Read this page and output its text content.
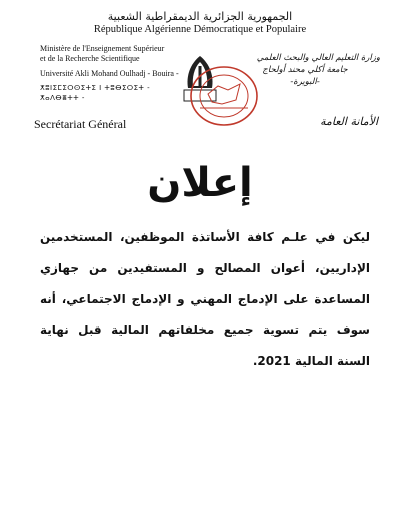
الجمهورية الجزائرية الديمقراطية الشعبية
République Algérienne Démocratique et Populaire
Ministère de l'Enseignement Supérieur
et de la Recherche Scientifique
Université Akli Mohand Oulhadj - Bouira -
ⵅⵓⵏⵉⵎⵉⵔⵙⵉⵜⵉ ⵏ ⵜⵓⴱⵉⵔⵉⵜ - ⵅⴰⴷⴱⴻⵜⵜ -
Secrétariat Général
وزارة التعليم العالي والبحث العلمي
جامعة أكلي محند أولحاج
-البويرة-
الأمانة العامة
إعلان
ليكن في علـم كافة الأساتذة الموظفين، المستخدمين الإداريين، أعوان المصالح و المستفيدين من جهازي المساعدة على الإدماج المهني و الإدماج الاجتماعي، أنه سوف يتم تسوية جميع مخلفاتهم المالية قبل نهاية السنة المالية 2021.
